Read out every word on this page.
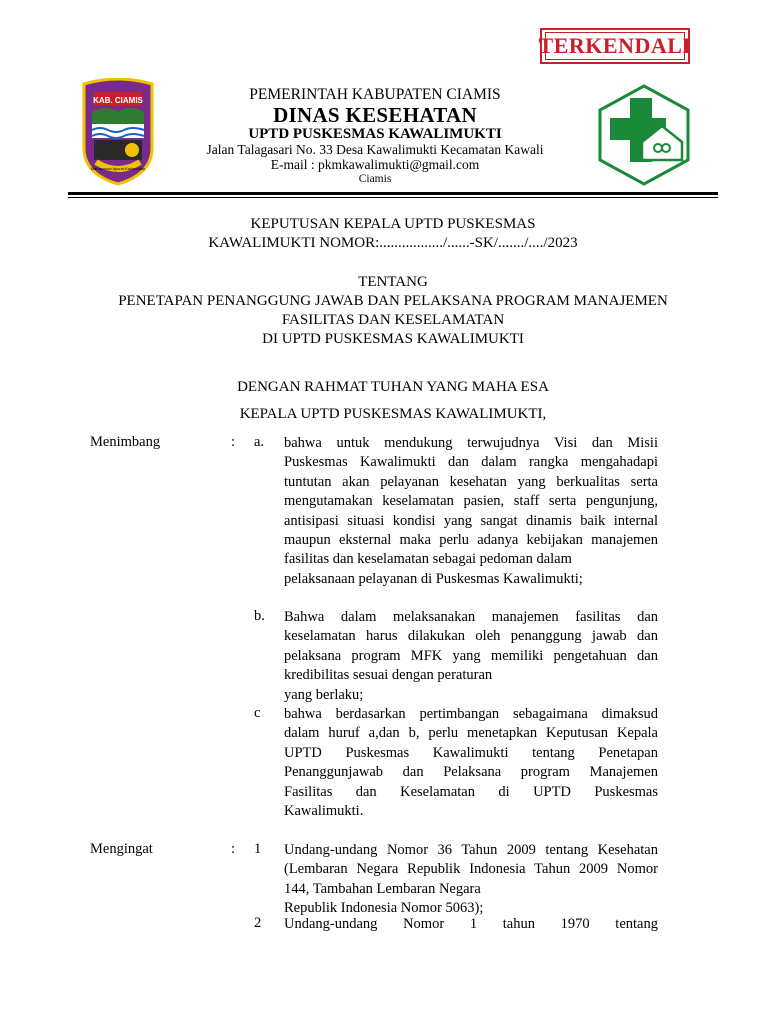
TERKENDALI
KAB. CIAMIS
Mahayunan Ayuna Kadaulatan
PEMERINTAH KABUPATEN CIAMIS
DINAS KESEHATAN
UPTD PUSKESMAS KAWALIMUKTI
Jalan Talagasari No. 33 Desa Kawalimukti Kecamatan Kawali
E-mail : pkmkawalimukti@gmail.com
Ciamis
KEPUTUSAN KEPALA UPTD PUSKESMAS
KAWALIMUKTI NOMOR:................./......-SK/......./..../2023
TENTANG
PENETAPAN PENANGGUNG JAWAB DAN PELAKSANA PROGRAM MANAJEMEN
FASILITAS DAN KESELAMATAN
DI UPTD PUSKESMAS KAWALIMUKTI
DENGAN RAHMAT TUHAN YANG MAHA ESA
KEPALA UPTD PUSKESMAS KAWALIMUKTI,
Menimbang	: a. bahwa untuk mendukung terwujudnya Visi dan Misii
Puskesmas Kawalimukti dan dalam rangka mengahadapi
tuntutan akan pelayanan kesehatan yang berkualitas serta
mengutamakan keselamatan pasien, staff serta pengunjung,
antisipasi situasi kondisi yang sangat dinamis baik internal
maupun eksternal maka perlu adanya kebijakan manajemen
fasilitas dan keselamatan sebagai pedoman dalam
pelaksanaan pelayanan di Puskesmas Kawalimukti;
b. Bahwa dalam melaksanakan manajemen fasilitas dan
keselamatan harus dilakukan oleh penanggung jawab dan
pelaksana program MFK yang memiliki pengetahuan dan
kredibilitas sesuai dengan peraturan
yang berlaku;
c bahwa berdasarkan pertimbangan sebagaimana dimaksud
dalam huruf a,dan b, perlu menetapkan Keputusan Kepala
UPTD Puskesmas Kawalimukti tentang Penetapan
Penanggunjawab dan Pelaksana program Manajemen
Fasilitas dan Keselamatan di UPTD Puskesmas
Kawalimukti.
Mengingat	: 1 Undang-undang Nomor 36 Tahun 2009 tentang Kesehatan
(Lembaran Negara Republik Indonesia Tahun 2009 Nomor
144, Tambahan Lembaran Negara
Republik Indonesia Nomor 5063);
2 Undang-undang Nomor 1 tahun 1970 tentang
